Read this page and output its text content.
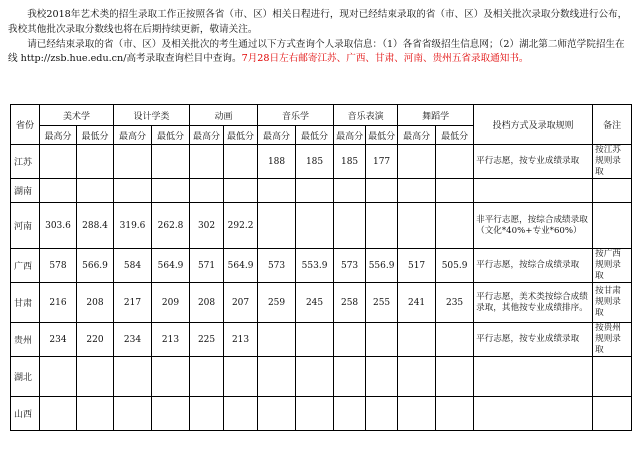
我校2018年艺术类的招生录取工作正按照各省（市、区）相关日程进行，现对已经结束录取的省（市、区）及相关批次录取分数线进行公布，我校其他批次录取分数线也将在后期持续更新，敬请关注。

请已经结束录取的省（市、区）及相关批次的考生通过以下方式查询个人录取信息：（1）各省省级招生信息网；（2）湖北第二师范学院招生在线 http://zsb.hue.edu.cn/高考录取查询栏目中查询。7月28日左右邮寄江苏、广西、甘肃、河南、贵州五省录取通知书。

省份	美术学		设计学类		动画		音乐学		音乐表演		舞蹈学		投档方式及录取规则	备注
	最高分	最低分	最高分	最低分	最高分	最低分	最高分	最低分	最高分	最低分	最高分	最低分		
江苏							188	185	185	177			平行志愿，按专业成绩录取	按江苏规则录取
湖南														
河南	303.6	288.4	319.6	262.8	302	292.2							非平行志愿，按综合成绩录取（文化*40%+专业*60%）	
广西	578	566.9	584	564.9	571	564.9	573	553.9	573	556.9	517	505.9	平行志愿，按综合成绩录取	按广西规则录取
甘肃	216	208	217	209	208	207	259	245	258	255	241	235	平行志愿，美术类按综合成绩录取，其他按专业成绩排序。	按甘肃规则录取
贵州	234	220	234	213	225	213							平行志愿，按专业成绩录取	按贵州规则录取
湖北														
山西														
